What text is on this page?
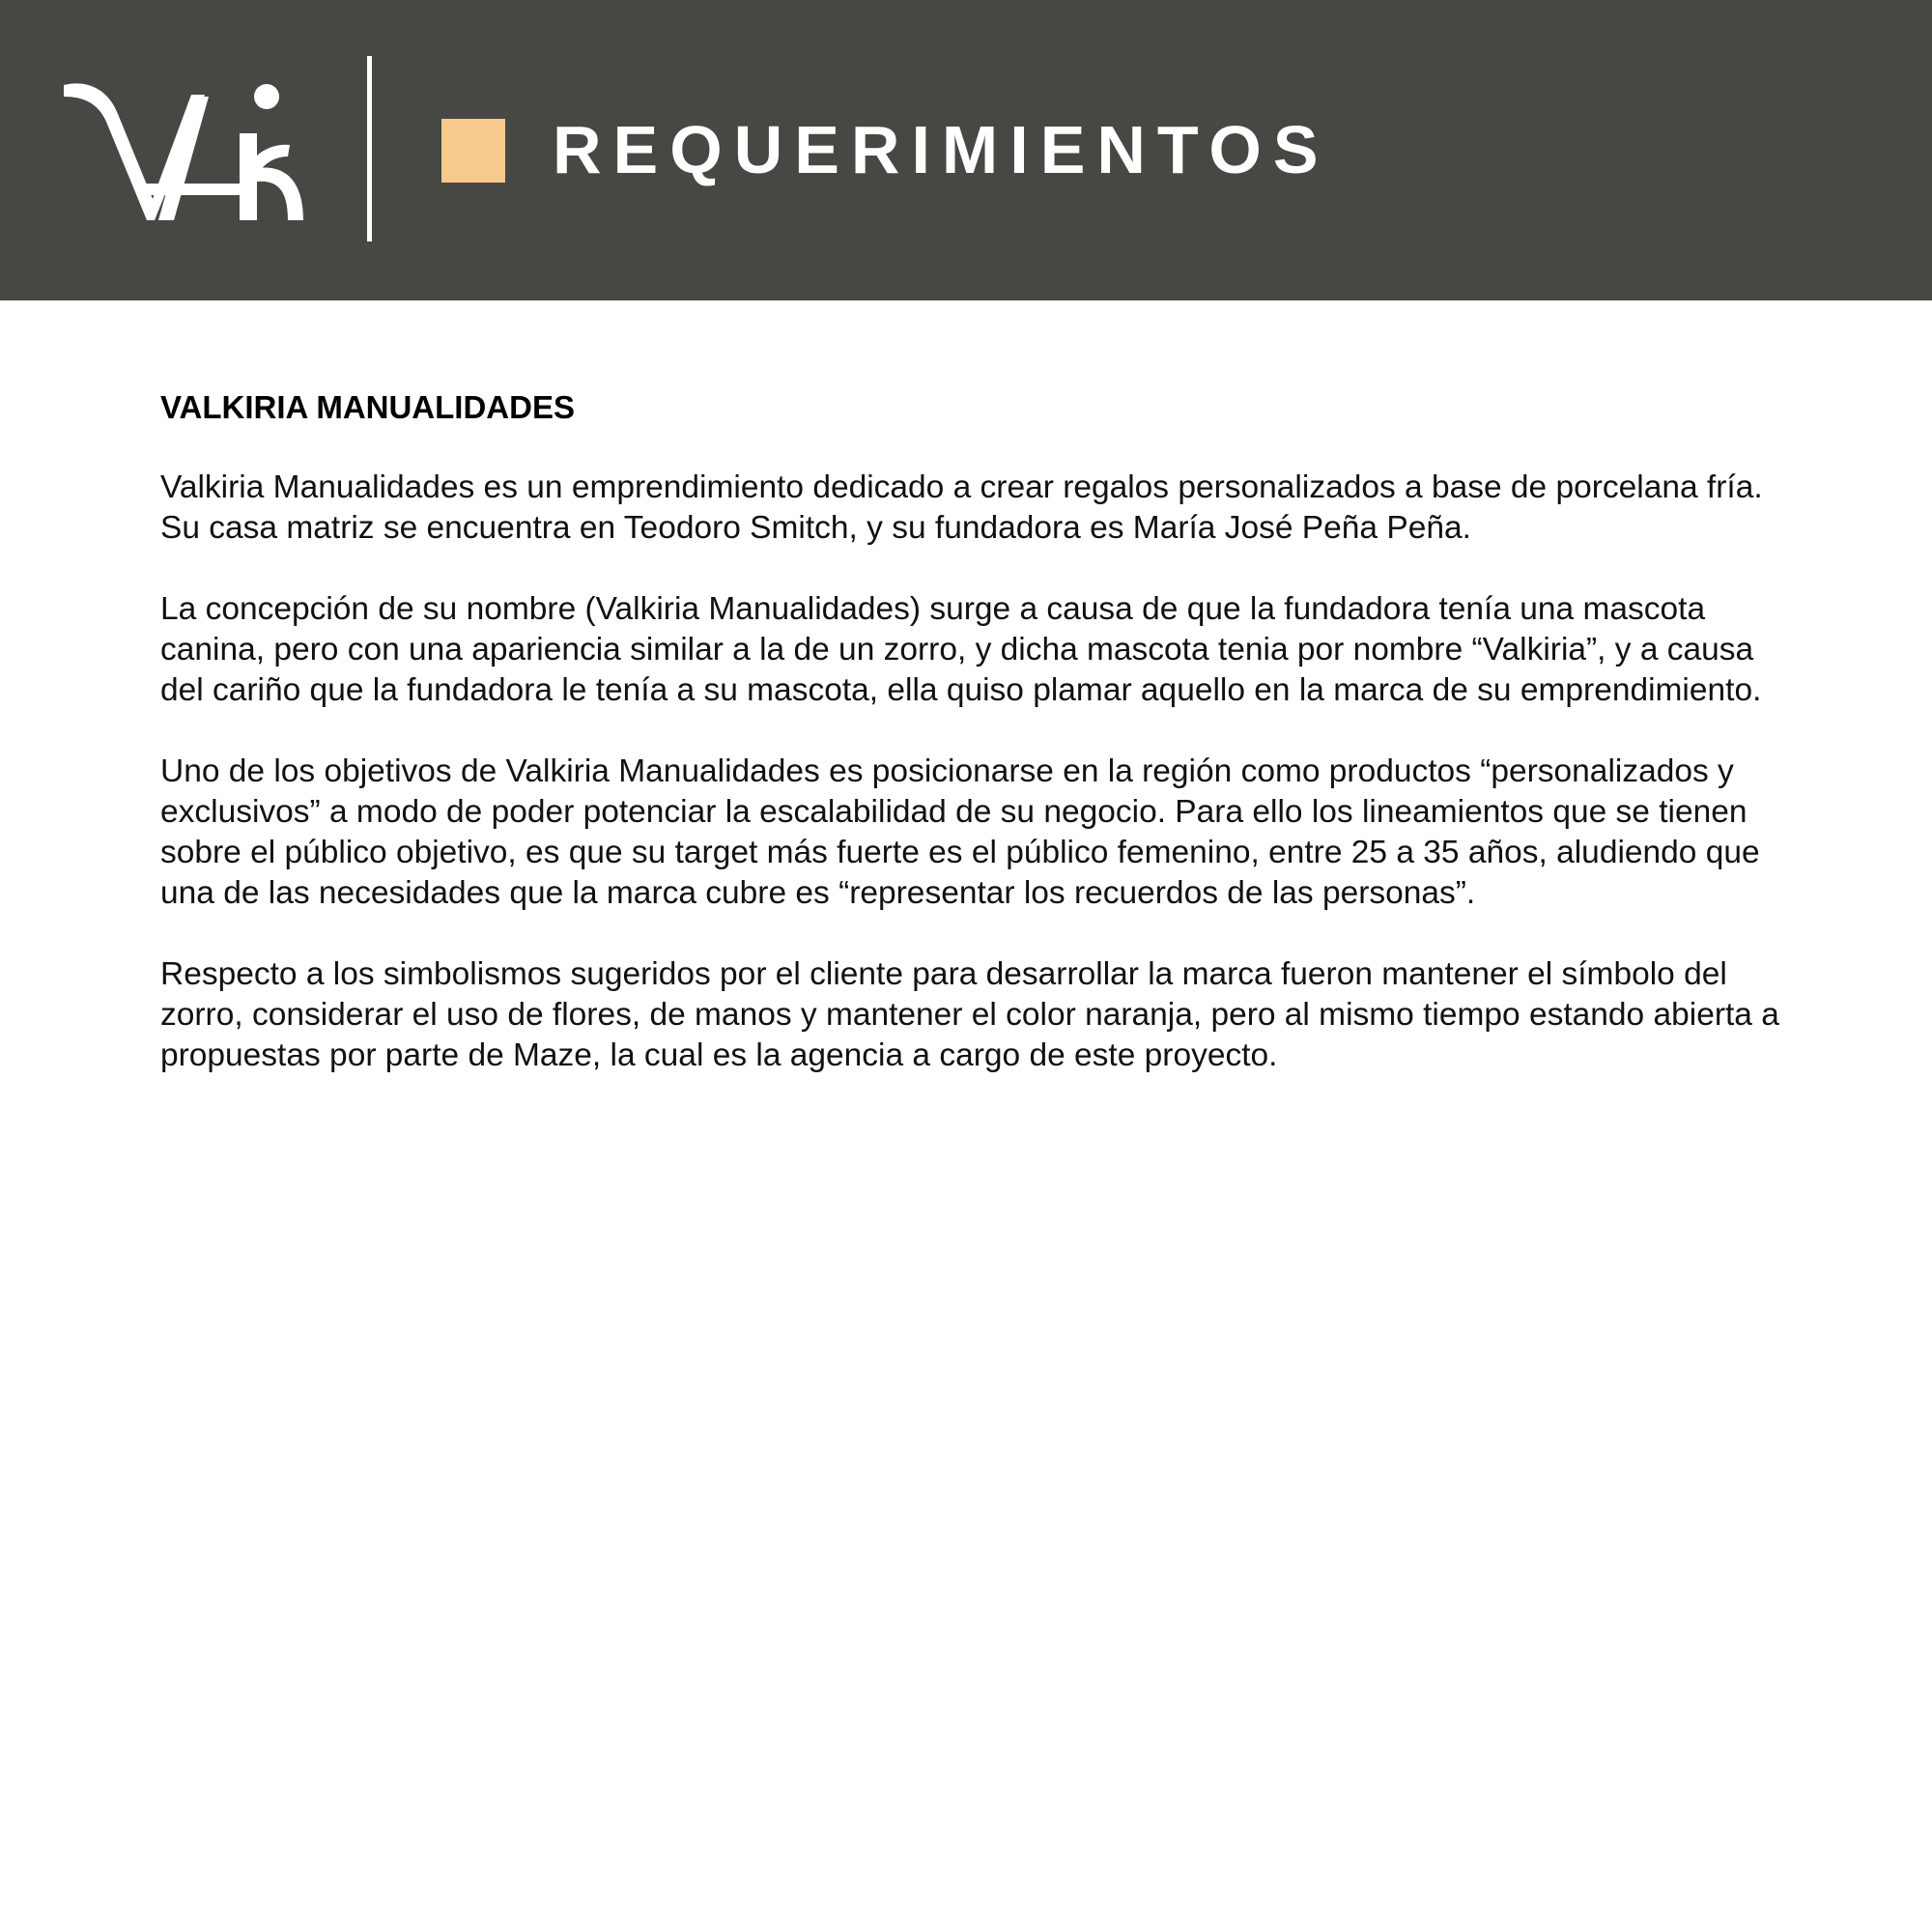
REQUERIMIENTOS
VALKIRIA MANUALIDADES

Valkiria Manualidades es un emprendimiento dedicado a crear regalos personalizados a base de porcelana fría. Su casa matriz se encuentra en Teodoro Smitch, y su fundadora es María José Peña Peña.

La concepción de su nombre (Valkiria Manualidades) surge a causa de que la fundadora tenía una mascota canina, pero con una apariencia similar a la de un zorro, y dicha mascota tenia por nombre “Valkiria”, y a causa del cariño que la fundadora le tenía a su mascota, ella quiso plamar aquello en la marca de su emprendimiento.

Uno de los objetivos de Valkiria Manualidades es posicionarse en la región como productos “personalizados y exclusivos” a modo de poder potenciar la escalabilidad de su negocio. Para ello los lineamientos que se tienen sobre el público objetivo, es que su target más fuerte es el público femenino, entre 25 a 35 años, aludiendo que una de las necesidades que la marca cubre es “representar los recuerdos de las personas”.

Respecto a los simbolismos sugeridos por el cliente para desarrollar la marca fueron mantener el símbolo del zorro, considerar el uso de flores, de manos y mantener el color naranja, pero al mismo tiempo estando abierta a propuestas por parte de Maze, la cual es la agencia a cargo de este proyecto.
